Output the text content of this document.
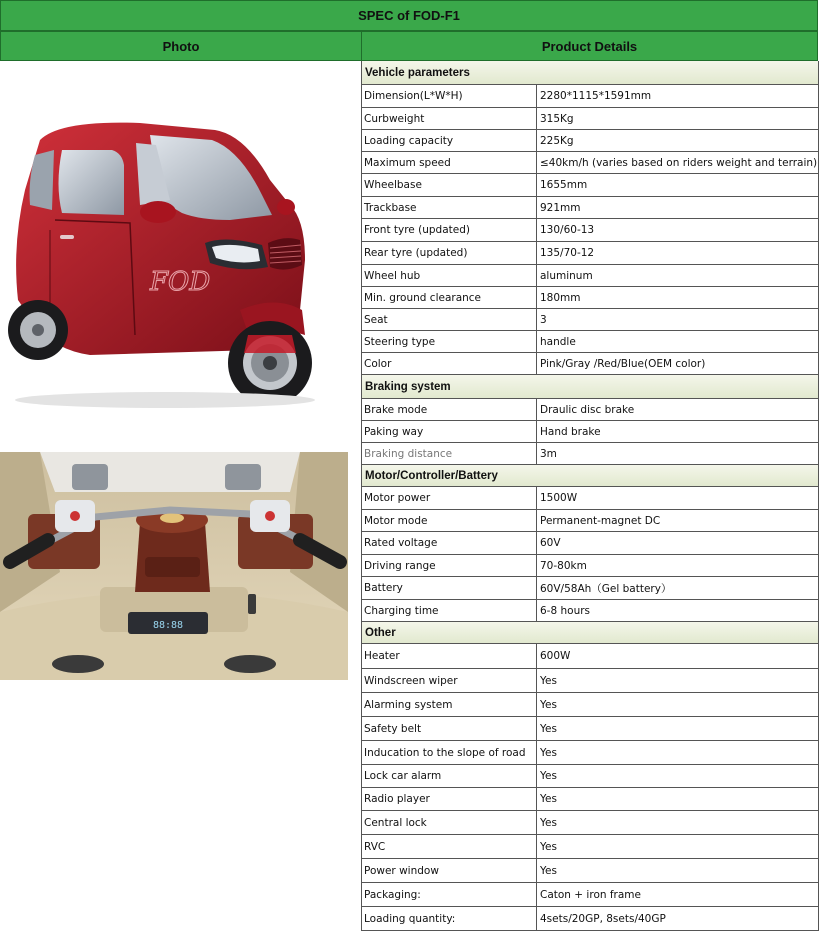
SPEC of FOD-F1
Photo	Product Details
FOD
88:88
Vehicle parameters
Dimension(L*W*H)	2280*1115*1591mm
Curbweight	315Kg
Loading capacity	225Kg
Maximum speed	≤40km/h (varies based on riders weight and terrain)
Wheelbase	1655mm
Trackbase	921mm
Front tyre (updated)	130/60-13
Rear tyre (updated)	135/70-12
Wheel hub	aluminum
Min. ground clearance	180mm
Seat	3
Steering type	handle
Color	Pink/Gray /Red/Blue(OEM color)
Braking system
Brake mode	Draulic disc brake
Paking way	Hand brake
Braking distance	3m
Motor/Controller/Battery
Motor power	1500W
Motor mode	Permanent-magnet DC
Rated voltage	60V
Driving range	70-80km
Battery	60V/58Ah（Gel battery）
Charging time	6-8 hours
Other
Heater	600W
Windscreen wiper	Yes
Alarming system	Yes
Safety belt	Yes
Inducation to the slope of road	Yes
Lock car alarm	Yes
Radio player	Yes
Central lock	Yes
RVC	Yes
Power window	Yes
Packaging:	Caton + iron frame
Loading quantity:	4sets/20GP, 8sets/40GP
